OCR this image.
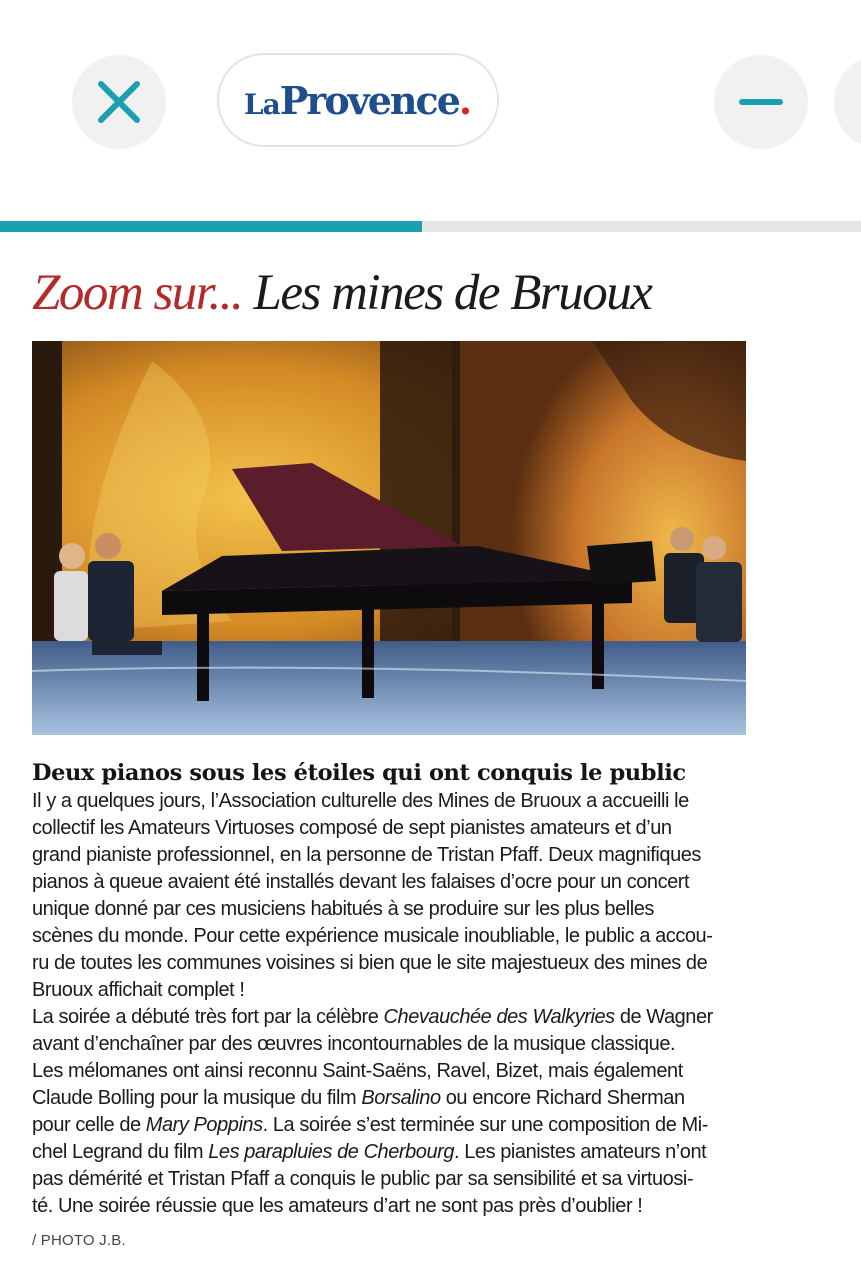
La Provence .
Zoom sur... Les mines de Bruoux
Deux pianos sous les étoiles qui ont conquis le public
Il y a quelques jours, l’Association culturelle des Mines de Bruoux a accueilli le
collectif les Amateurs Virtuoses composé de sept pianistes amateurs et d’un
grand pianiste professionnel, en la personne de Tristan Pfaff. Deux magnifiques
pianos à queue avaient été installés devant les falaises d’ocre pour un concert
unique donné par ces musiciens habitués à se produire sur les plus belles
scènes du monde. Pour cette expérience musicale inoubliable, le public a accou-
ru de toutes les communes voisines si bien que le site majestueux des mines de
Bruoux affichait complet !
La soirée a débuté très fort par la célèbre Chevauchée des Walkyries de Wagner
avant d’enchaîner par des œuvres incontournables de la musique classique.
Les mélomanes ont ainsi reconnu Saint-Saëns, Ravel, Bizet, mais également
Claude Bolling pour la musique du film Borsalino ou encore Richard Sherman
pour celle de Mary Poppins. La soirée s’est terminée sur une composition de Mi-
chel Legrand du film Les parapluies de Cherbourg. Les pianistes amateurs n’ont
pas démérité et Tristan Pfaff a conquis le public par sa sensibilité et sa virtuosi-
té. Une soirée réussie que les amateurs d’art ne sont pas près d’oublier !
/ PHOTO J.B.
